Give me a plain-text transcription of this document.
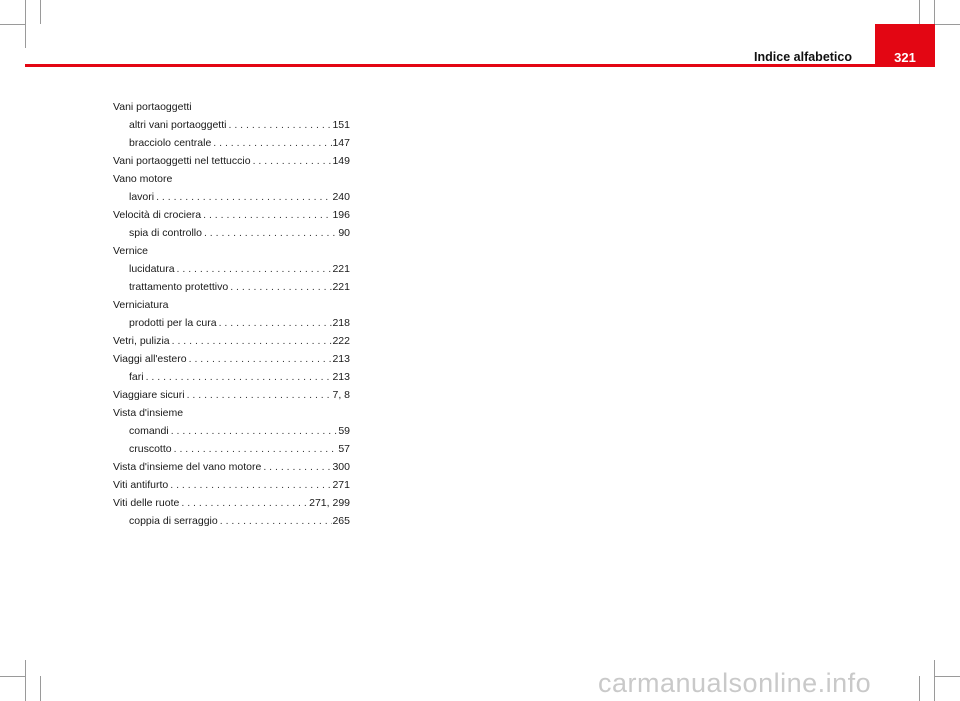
321
Indice alfabetico
Vani portaoggetti
altri vani portaoggetti . . .	151
bracciolo centrale . . .	147
Vani portaoggetti nel tettuccio . . .	149
Vano motore
lavori . . .	240
Velocità di crociera . . .	196
spia di controllo . . .	90
Vernice
lucidatura . . .	221
trattamento protettivo . . .	221
Verniciatura
prodotti per la cura . . .	218
Vetri, pulizia . . .	222
Viaggi all'estero . . .	213
fari . . .	213
Viaggiare sicuri . . .	7, 8
Vista d'insieme
comandi . . .	59
cruscotto . . .	57
Vista d'insieme del vano motore . . .	300
Viti antifurto . . .	271
Viti delle ruote . . .	271, 299
coppia di serraggio . . .	265
carmanualsonline.info
